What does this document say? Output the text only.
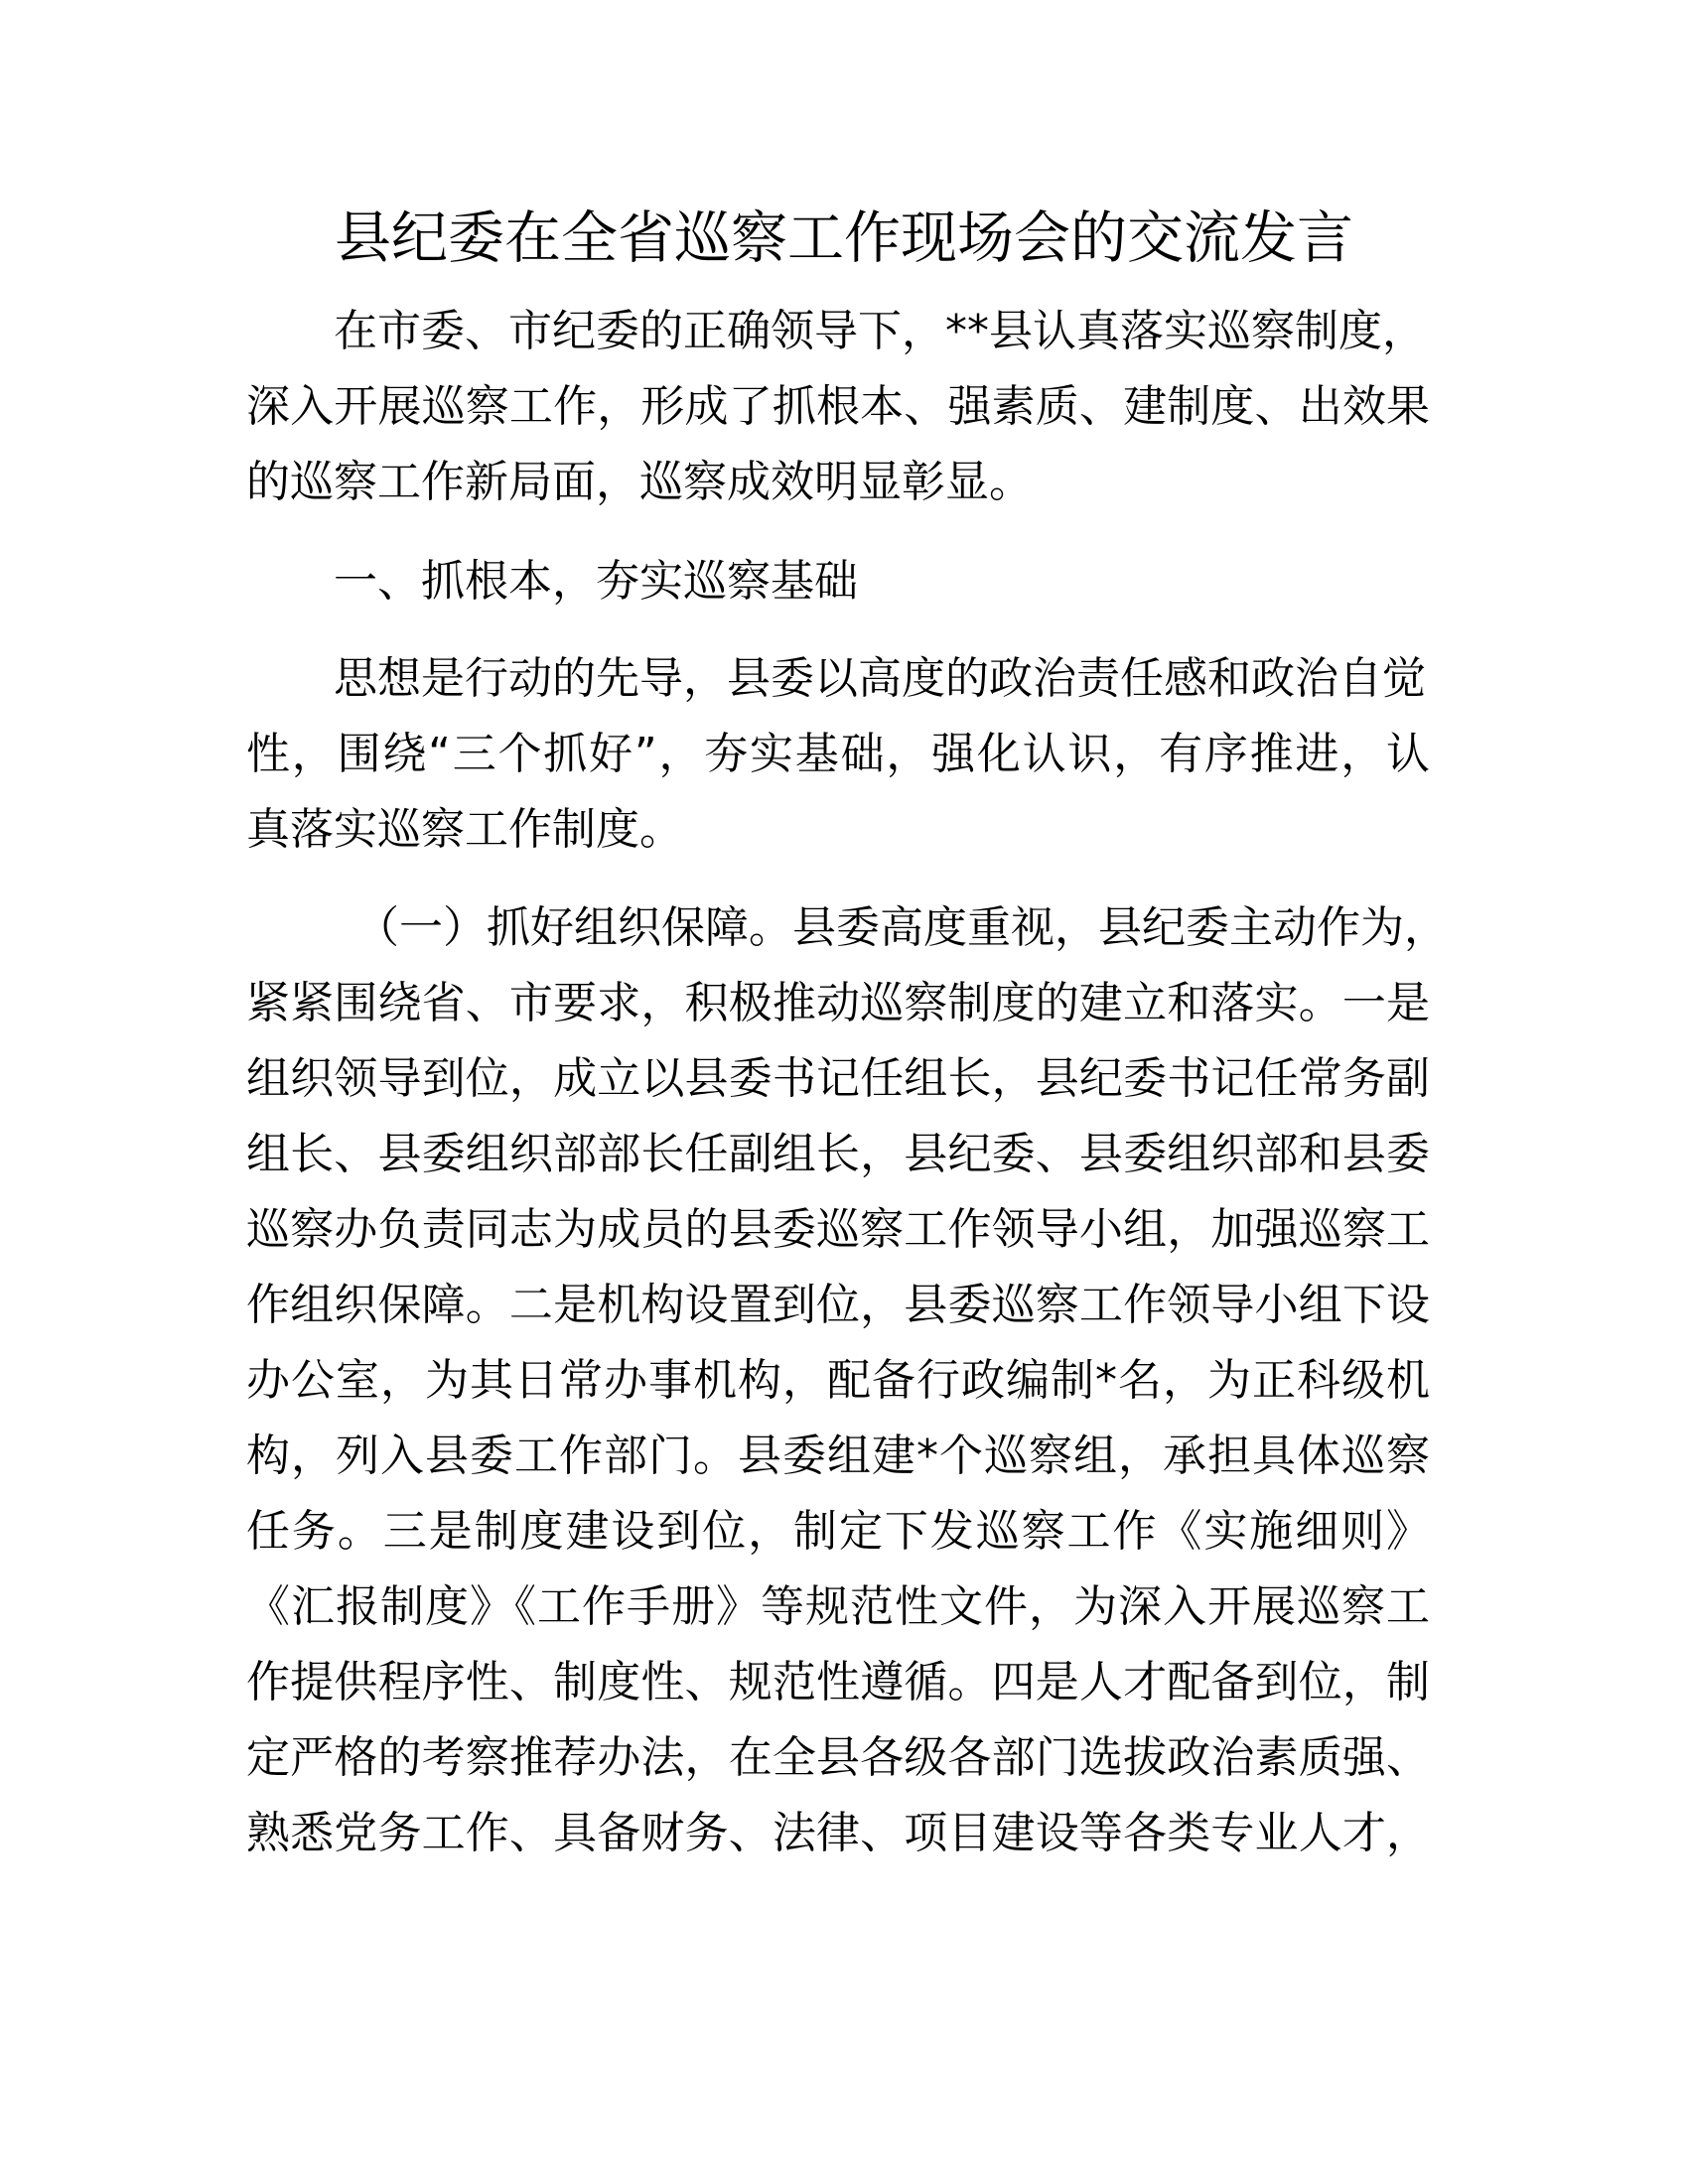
县纪委在全省巡察工作现场会的交流发言
在市委、市纪委的正确领导下，**县认真落实巡察制度，
深入开展巡察工作，形成了抓根本、强素质、建制度、出效果
的巡察工作新局面，巡察成效明显彰显。
一、抓根本，夯实巡察基础
思想是行动的先导，县委以高度的政治责任感和政治自觉
性，围绕“三个抓好”，夯实基础，强化认识，有序推进，认
真落实巡察工作制度。
（一）抓好组织保障。县委高度重视，县纪委主动作为，
紧紧围绕省、市要求，积极推动巡察制度的建立和落实。一是
组织领导到位，成立以县委书记任组长，县纪委书记任常务副
组长、县委组织部部长任副组长，县纪委、县委组织部和县委
巡察办负责同志为成员的县委巡察工作领导小组，加强巡察工
作组织保障。二是机构设置到位，县委巡察工作领导小组下设
办公室，为其日常办事机构，配备行政编制*名，为正科级机
构，列入县委工作部门。县委组建*个巡察组，承担具体巡察
任务。三是制度建设到位，制定下发巡察工作《实施细则》
《汇报制度》《工作手册》等规范性文件，为深入开展巡察工
作提供程序性、制度性、规范性遵循。四是人才配备到位，制
定严格的考察推荐办法，在全县各级各部门选拔政治素质强、
熟悉党务工作、具备财务、法律、项目建设等各类专业人才，
